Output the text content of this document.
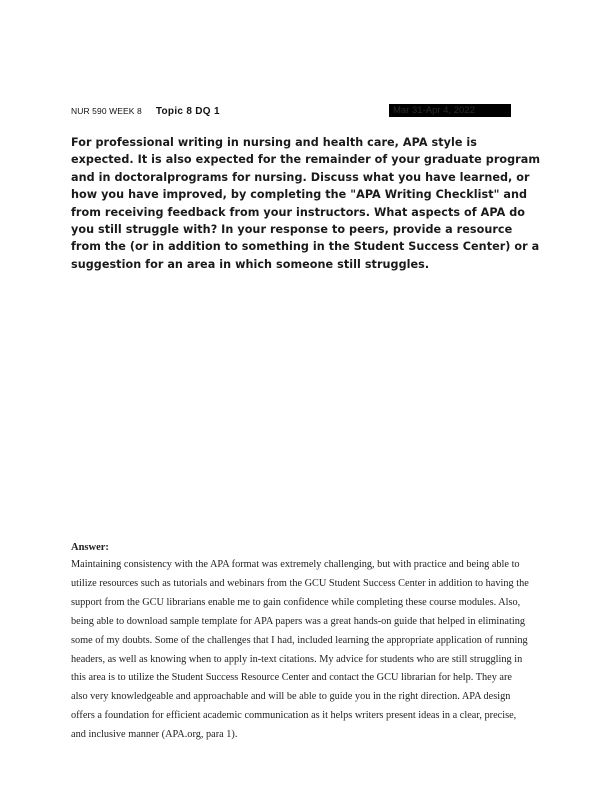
NUR 590 WEEK 8 Topic 8 DQ 1	Mar 31-Apr 4, 2022

For professional writing in nursing and health care, APA style is expected. It is also expected for the remainder of your graduate program and in doctoralprograms for nursing. Discuss what you have learned, or how you have improved, by completing the "APA Writing Checklist" and from receiving feedback from your instructors. What aspects of APA do you still struggle with? In your response to peers, provide a resource from the (or in addition to something in the Student Success Center) or a suggestion for an area in which someone still struggles.

Answer:

Maintaining consistency with the APA format was extremely challenging, but with practice and being able to utilize resources such as tutorials and webinars from the GCU Student Success Center in addition to having the support from the GCU librarians enable me to gain confidence while completing these course modules. Also, being able to download sample template for APA papers was a great hands-on guide that helped in eliminating some of my doubts. Some of the challenges that I had, included learning the appropriate application of running headers, as well as knowing when to apply in-text citations. My advice for students who are still struggling in this area is to utilize the Student Success Resource Center and contact the GCU librarian for help. They are also very knowledgeable and approachable and will be able to guide you in the right direction. APA design offers a foundation for efficient academic communication as it helps writers present ideas in a clear, precise, and inclusive manner (APA.org, para 1).
